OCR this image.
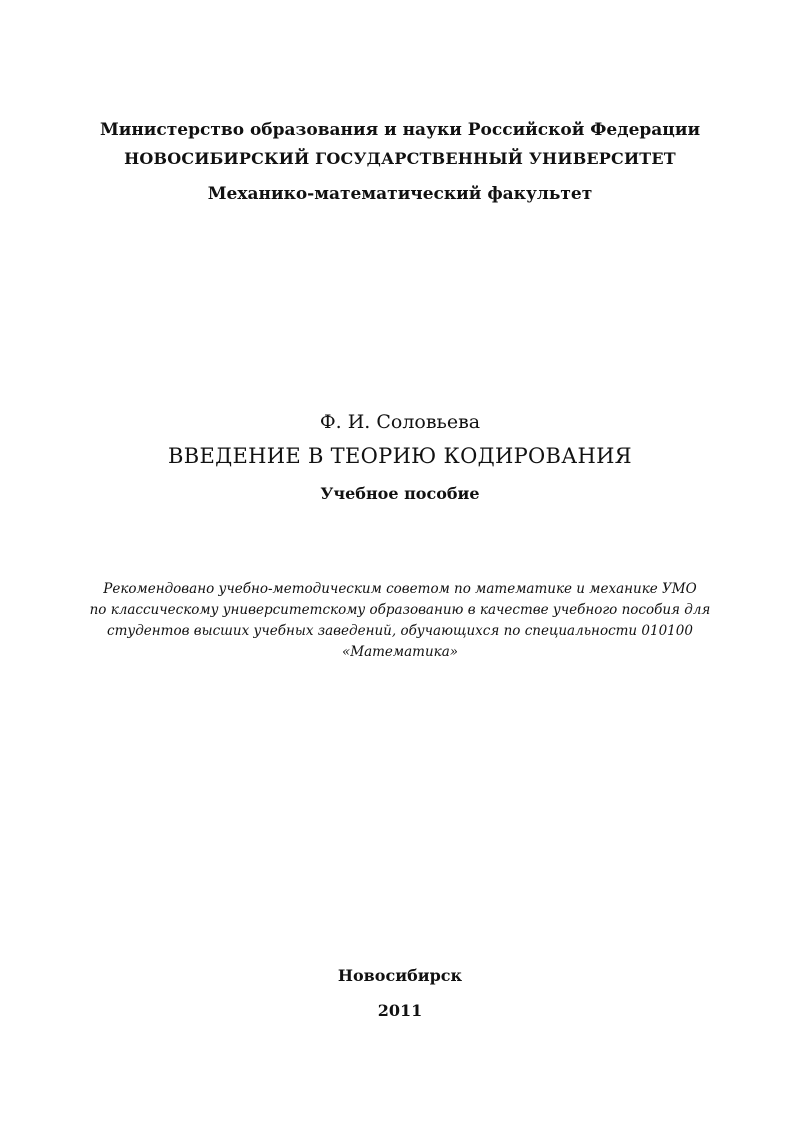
Министерство образования и науки Российской Федерации
НОВОСИБИРСКИЙ ГОСУДАРСТВЕННЫЙ УНИВЕРСИТЕТ
Механико-математический факультет
Ф. И. Соловьева
ВВЕДЕНИЕ В ТЕОРИЮ КОДИРОВАНИЯ
Учебное пособие
Рекомендовано учебно-методическим советом по математике и механике УМО
по классическому университетскому образованию в качестве учебного пособия для
студентов высших учебных заведений, обучающихся по специальности 010100
«Математика»
Новосибирск
2011
